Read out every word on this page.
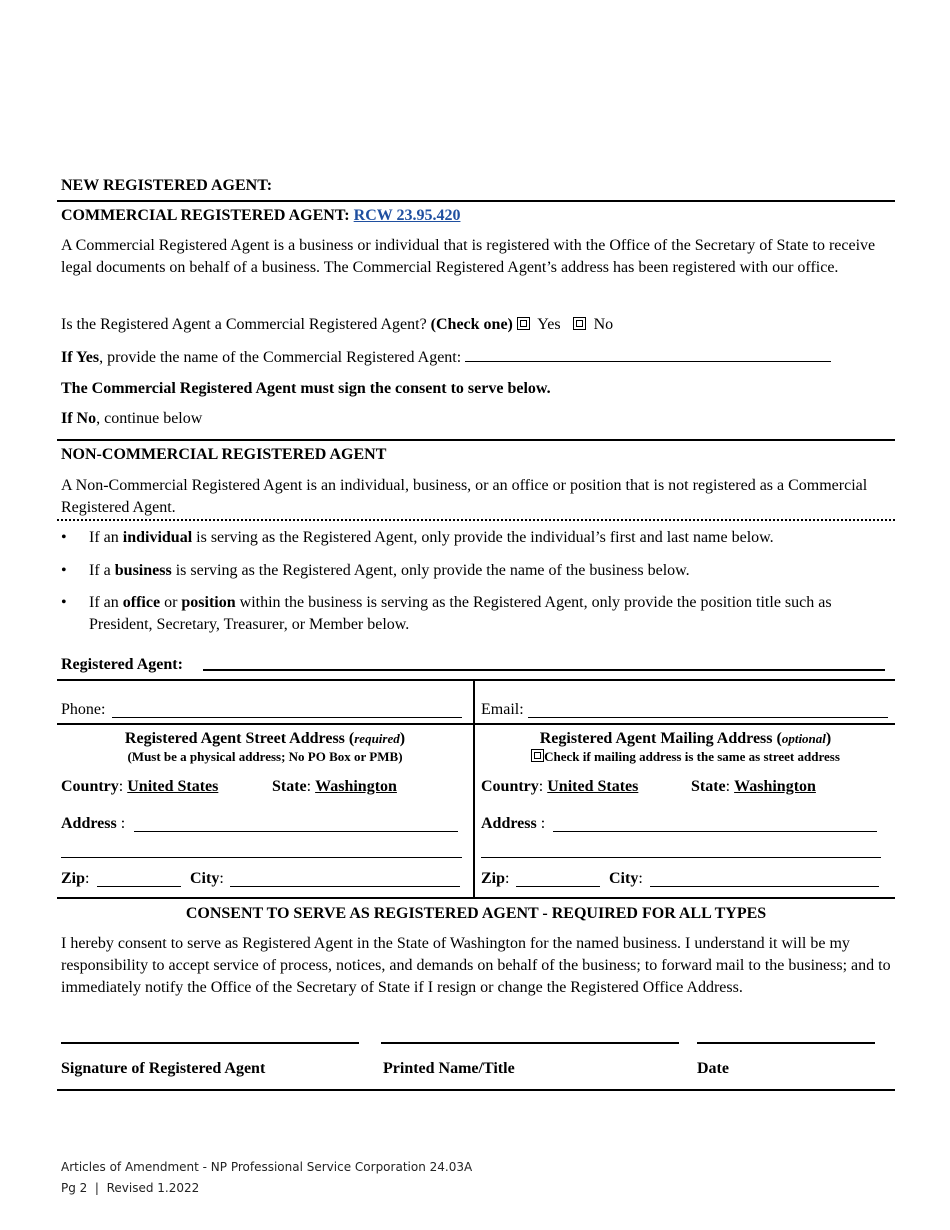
NEW REGISTERED AGENT:
COMMERCIAL REGISTERED AGENT: RCW 23.95.420
A Commercial Registered Agent is a business or individual that is registered with the Office of the Secretary of State to receive legal documents on behalf of a business. The Commercial Registered Agent’s address has been registered with our office.
Is the Registered Agent a Commercial Registered Agent? (Check one) Yes No
If Yes, provide the name of the Commercial Registered Agent:
The Commercial Registered Agent must sign the consent to serve below.
If No, continue below
NON-COMMERCIAL REGISTERED AGENT
A Non-Commercial Registered Agent is an individual, business, or an office or position that is not registered as a Commercial Registered Agent.
• If an individual is serving as the Registered Agent, only provide the individual’s first and last name below.
• If a business is serving as the Registered Agent, only provide the name of the business below.
• If an office or position within the business is serving as the Registered Agent, only provide the position title such as President, Secretary, Treasurer, or Member below.
Registered Agent:
Phone:	Email:
Registered Agent Street Address (required)
(Must be a physical address; No PO Box or PMB)
Country: United States	State: Washington
Address :
Zip:	City:
Registered Agent Mailing Address (optional)
Check if mailing address is the same as street address
Country: United States	State: Washington
Address :
Zip:	City:
CONSENT TO SERVE AS REGISTERED AGENT - REQUIRED FOR ALL TYPES
I hereby consent to serve as Registered Agent in the State of Washington for the named business. I understand it will be my responsibility to accept service of process, notices, and demands on behalf of the business; to forward mail to the business; and to immediately notify the Office of the Secretary of State if I resign or change the Registered Office Address.
Signature of Registered Agent	Printed Name/Title	Date
Articles of Amendment - NP Professional Service Corporation 24.03A
Pg 2  |  Revised 1.2022
